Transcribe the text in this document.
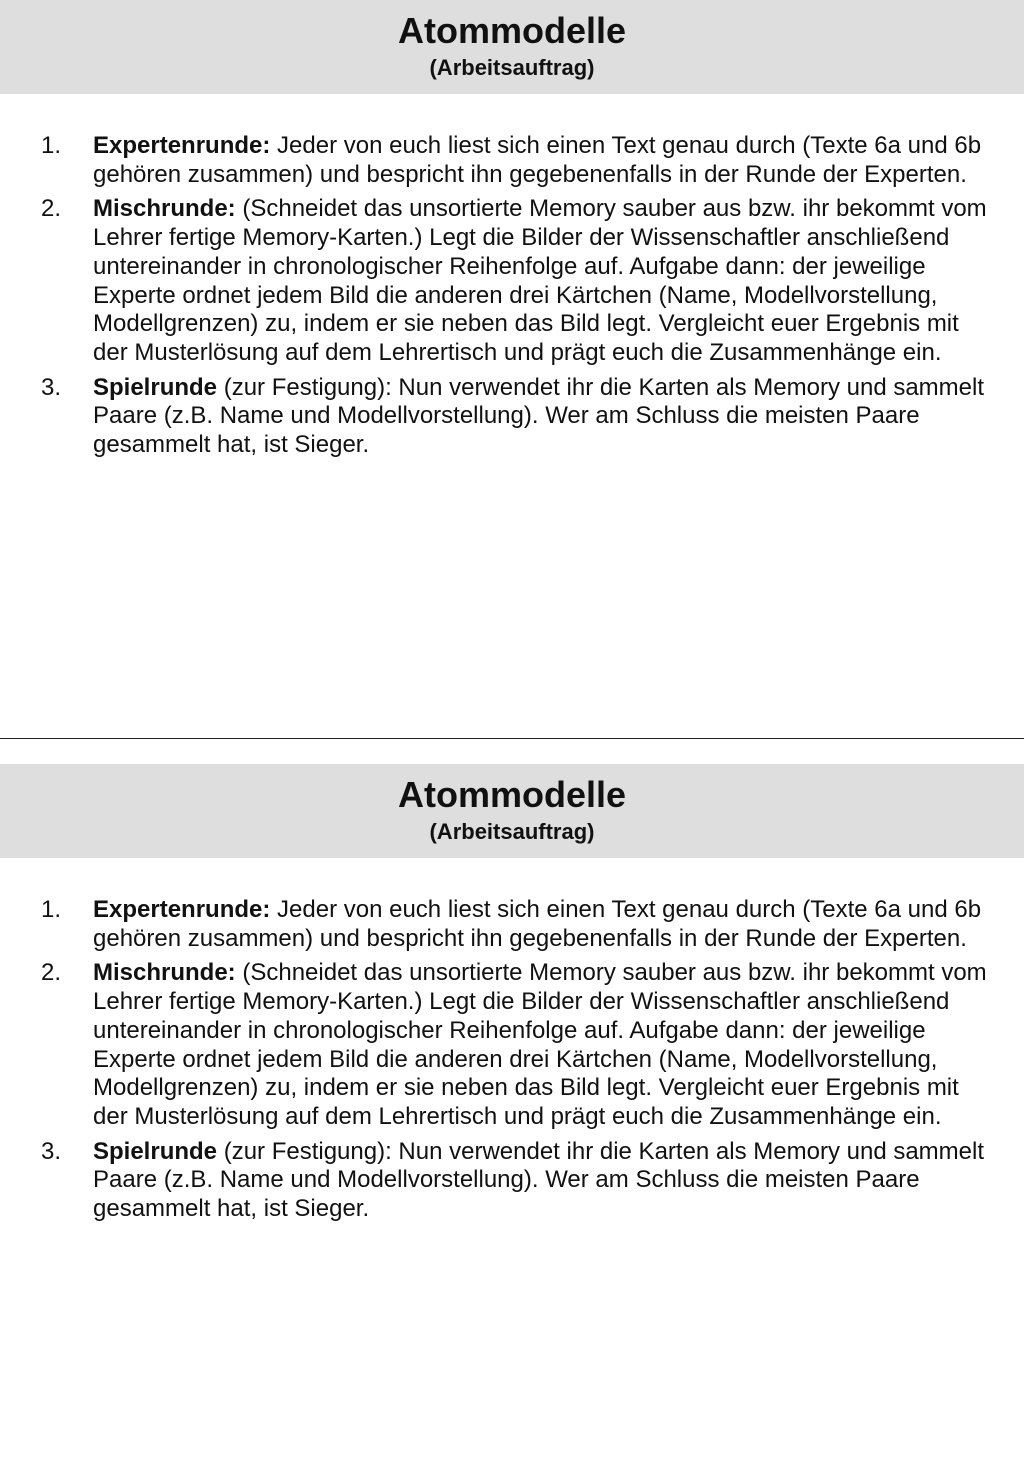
Atommodelle
(Arbeitsauftrag)
1. Expertenrunde: Jeder von euch liest sich einen Text genau durch (Texte 6a und 6b gehören zusammen) und bespricht ihn gegebenenfalls in der Runde der Experten.
2. Mischrunde: (Schneidet das unsortierte Memory sauber aus bzw. ihr bekommt vom Lehrer fertige Memory-Karten.) Legt die Bilder der Wissenschaftler anschließend untereinander in chronologischer Reihenfolge auf. Aufgabe dann: der jeweilige Experte ordnet jedem Bild die anderen drei Kärtchen (Name, Modellvorstellung, Modellgrenzen) zu, indem er sie neben das Bild legt. Vergleicht euer Ergebnis mit der Musterlösung auf dem Lehrertisch und prägt euch die Zusammenhänge ein.
3. Spielrunde (zur Festigung): Nun verwendet ihr die Karten als Memory und sammelt Paare (z.B. Name und Modellvorstellung). Wer am Schluss die meisten Paare gesammelt hat, ist Sieger.
Atommodelle
(Arbeitsauftrag)
1. Expertenrunde: Jeder von euch liest sich einen Text genau durch (Texte 6a und 6b gehören zusammen) und bespricht ihn gegebenenfalls in der Runde der Experten.
2. Mischrunde: (Schneidet das unsortierte Memory sauber aus bzw. ihr bekommt vom Lehrer fertige Memory-Karten.) Legt die Bilder der Wissenschaftler anschließend untereinander in chronologischer Reihenfolge auf. Aufgabe dann: der jeweilige Experte ordnet jedem Bild die anderen drei Kärtchen (Name, Modellvorstellung, Modellgrenzen) zu, indem er sie neben das Bild legt. Vergleicht euer Ergebnis mit der Musterlösung auf dem Lehrertisch und prägt euch die Zusammenhänge ein.
3. Spielrunde (zur Festigung): Nun verwendet ihr die Karten als Memory und sammelt Paare (z.B. Name und Modellvorstellung). Wer am Schluss die meisten Paare gesammelt hat, ist Sieger.
